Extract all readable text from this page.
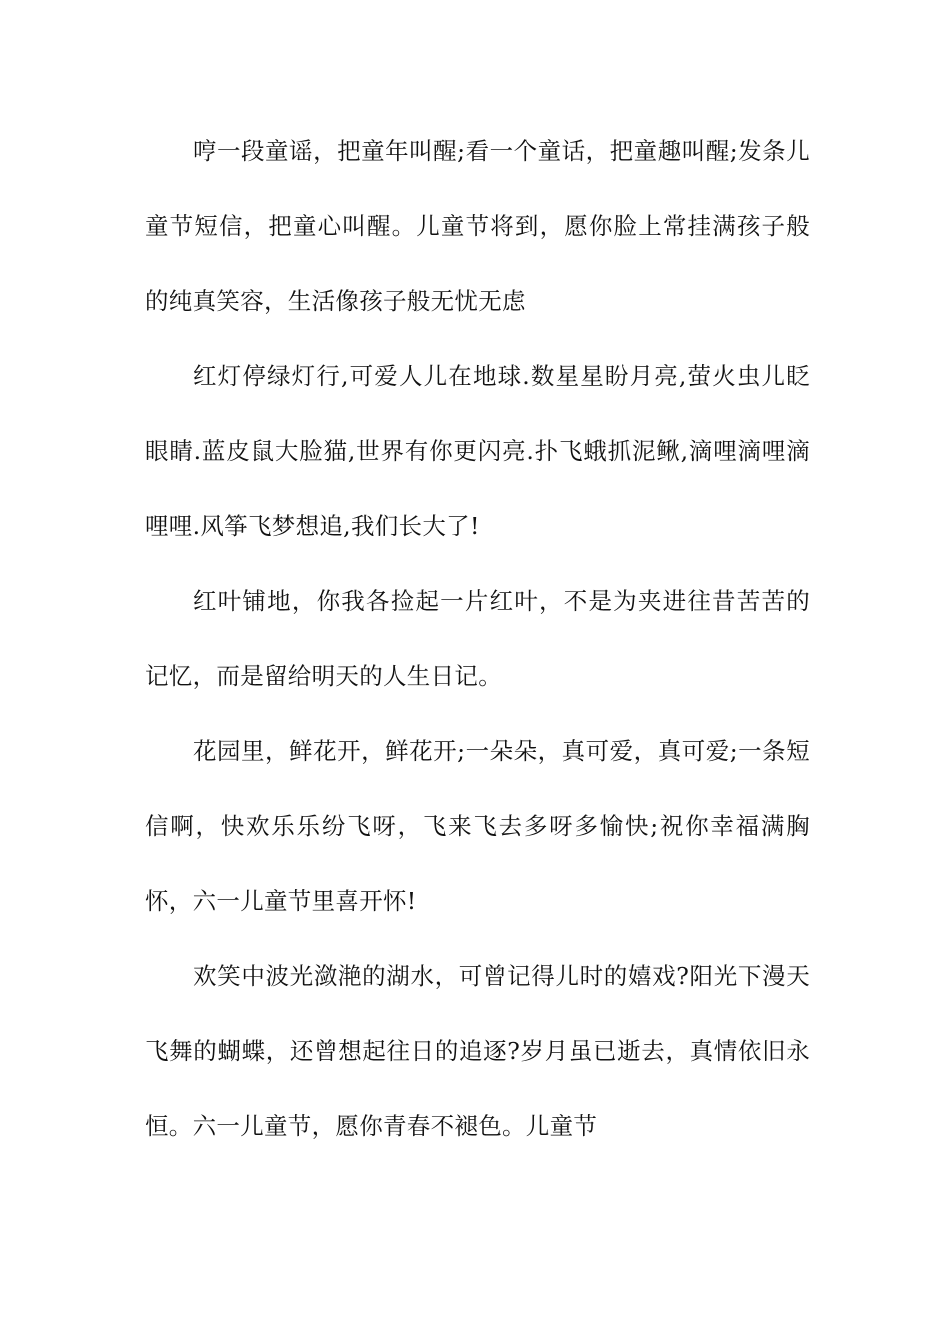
哼一段童谣，把童年叫醒;看一个童话，把童趣叫醒;发条儿童节短信，把童心叫醒。儿童节将到，愿你脸上常挂满孩子般的纯真笑容，生活像孩子般无忧无虑

红灯停绿灯行,可爱人儿在地球.数星星盼月亮,萤火虫儿眨眼睛.蓝皮鼠大脸猫,世界有你更闪亮.扑飞蛾抓泥鳅,滴哩滴哩滴哩哩.风筝飞梦想追,我们长大了!

红叶铺地，你我各捡起一片红叶，不是为夹进往昔苦苦的记忆，而是留给明天的人生日记。

花园里，鲜花开，鲜花开;一朵朵，真可爱，真可爱;一条短信啊，快欢乐乐纷飞呀，飞来飞去多呀多愉快;祝你幸福满胸怀，六一儿童节里喜开怀!

欢笑中波光潋滟的湖水，可曾记得儿时的嬉戏?阳光下漫天飞舞的蝴蝶，还曾想起往日的追逐?岁月虽已逝去，真情依旧永恒。六一儿童节，愿你青春不褪色。儿童节
